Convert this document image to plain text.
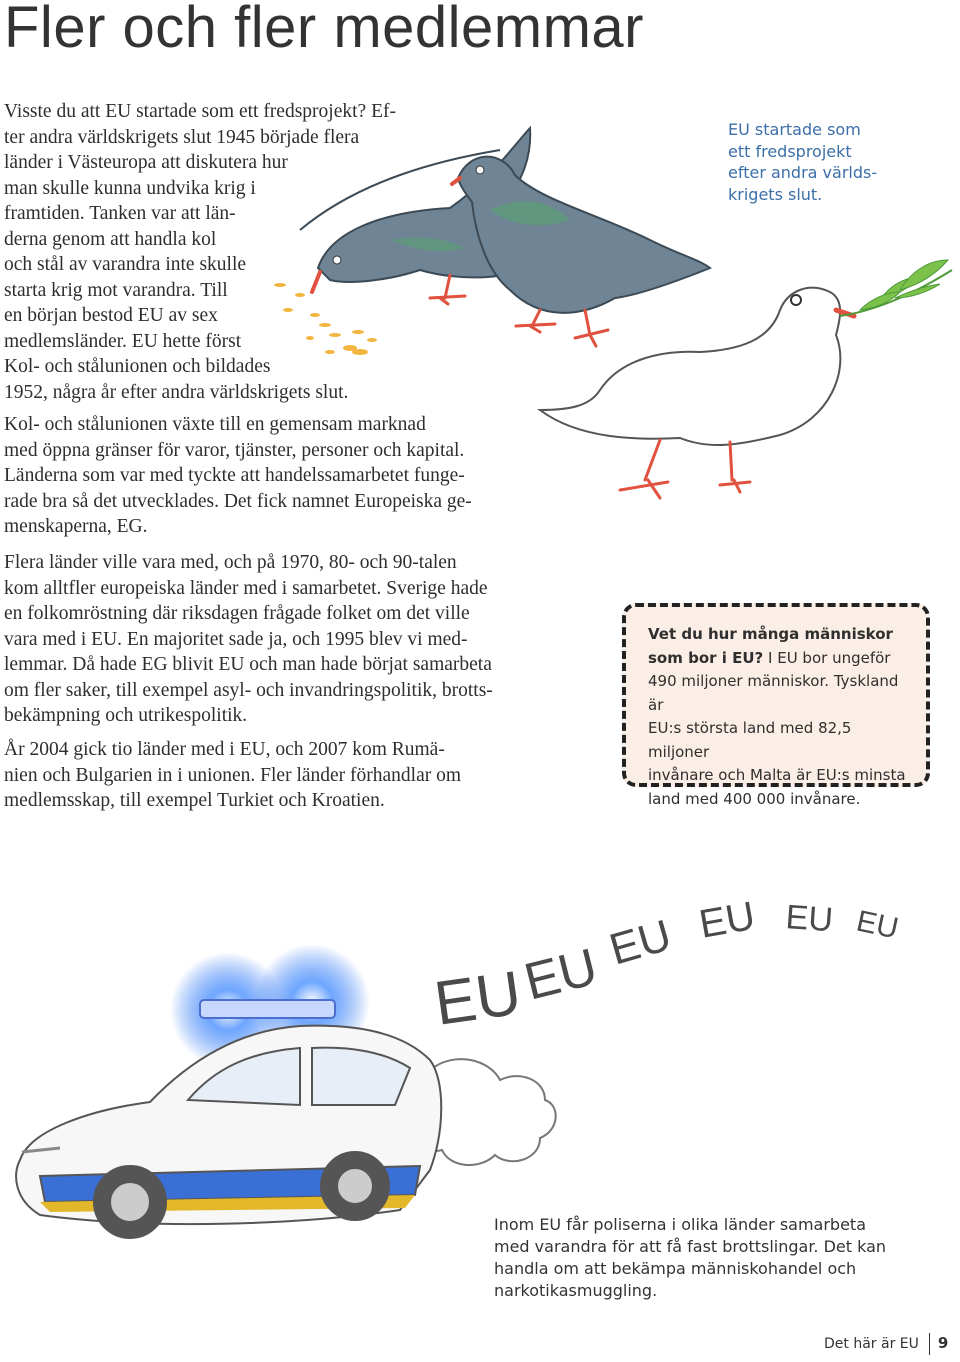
Fler och fler medlemmar

Visste du att EU startade som ett fredsprojekt? Ef-
ter andra världskrigets slut 1945 började flera
länder i Västeuropa att diskutera hur
man skulle kunna undvika krig i
framtiden. Tanken var att län-
derna genom att handla kol
och stål av varandra inte skulle
starta krig mot varandra. Till
en början bestod EU av sex
medlemsländer. EU hette först
Kol- och stålunionen och bildades
1952, några år efter andra världskrigets slut.

Kol- och stålunionen växte till en gemensam marknad
med öppna gränser för varor, tjänster, personer och kapital.
Länderna som var med tyckte att handelssamarbetet funge-
rade bra så det utvecklades. Det fick namnet Europeiska ge-
menskaperna, EG.

Flera länder ville vara med, och på 1970, 80- och 90-talen
kom alltfler europeiska länder med i samarbetet. Sverige hade
en folkomröstning där riksdagen frågade folket om det ville
vara med i EU. En majoritet sade ja, och 1995 blev vi med-
lemmar. Då hade EG blivit EU och man hade börjat samarbeta
om fler saker, till exempel asyl- och invandringspolitik, brotts-
bekämpning och utrikespolitik.

År 2004 gick tio länder med i EU, och 2007 kom Rumä-
nien och Bulgarien in i unionen. Fler länder förhandlar om
medlemsskap, till exempel Turkiet och Kroatien.

EU startade som
ett fredsprojekt
efter andra världs-
krigets slut.

Vet du hur många människor
som bor i EU? I EU bor ungeför
490 miljoner människor. Tyskland är
EU:s största land med 82,5 miljoner
invånare och Malta är EU:s minsta
land med 400 000 invånare.
EU
EU EU EU EU EU

Inom EU får poliserna i olika länder samarbeta
med varandra för att få fast brottslingar. Det kan
handla om att bekämpa människohandel och
narkotikasmuggling.

Det här är EU 9
